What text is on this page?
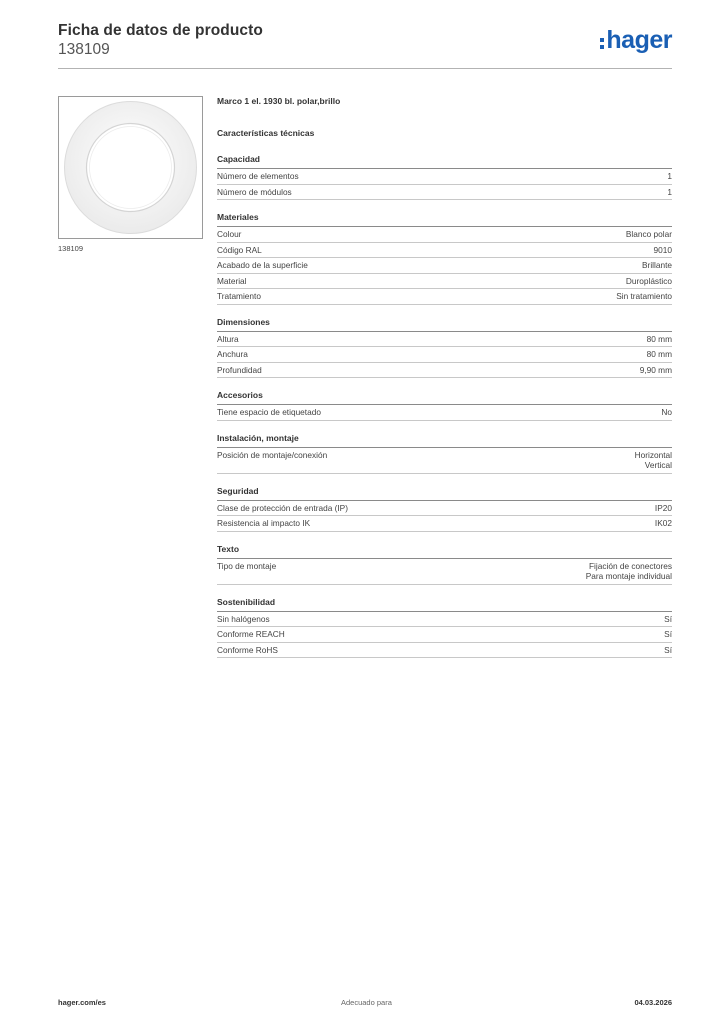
Ficha de datos de producto
138109	hager
138109
Marco 1 el. 1930 bl. polar,brillo
Características técnicas
Capacidad
Número de elementos	1
Número de módulos	1
Materiales
Colour	Blanco polar
Código RAL	9010
Acabado de la superficie	Brillante
Material	Duroplástico
Tratamiento	Sin tratamiento
Dimensiones
Altura	80 mm
Anchura	80 mm
Profundidad	9,90 mm
Accesorios
Tiene espacio de etiquetado	No
Instalación, montaje
Posición de montaje/conexión	Horizontal
Vertical
Seguridad
Clase de protección de entrada (IP)	IP20
Resistencia al impacto IK	IK02
Texto
Tipo de montaje	Fijación de conectores
Para montaje individual
Sostenibilidad
Sin halógenos	Sí
Conforme REACH	Sí
Conforme RoHS	Sí
hager.com/es	Adecuado para	04.03.2026
